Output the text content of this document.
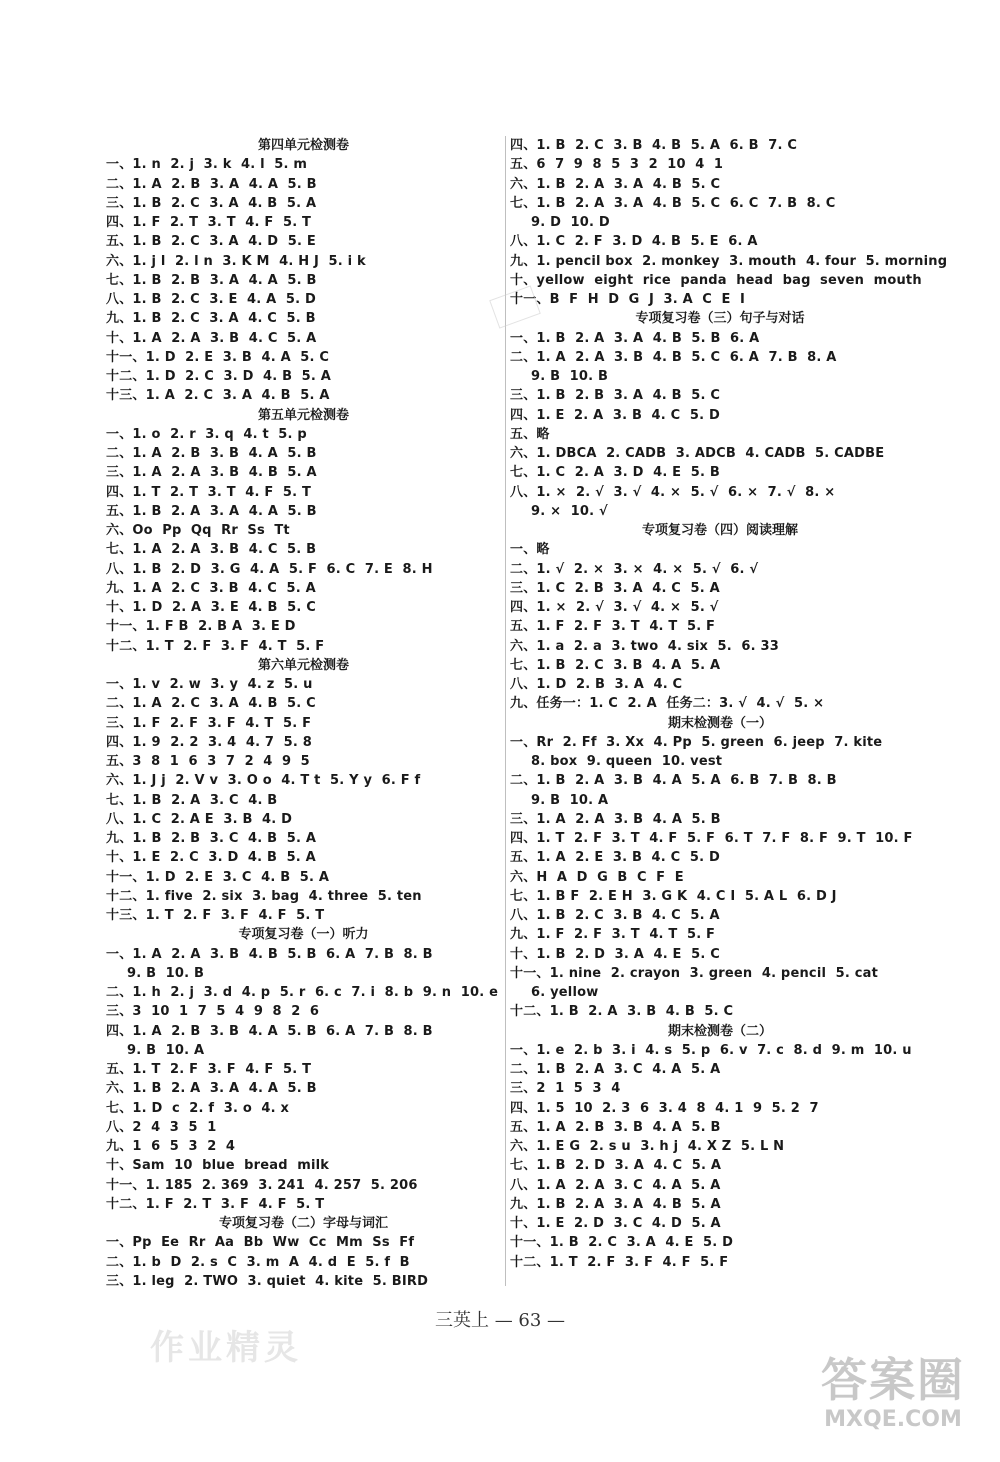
第四单元检测卷
一、1. n  2. j  3. k  4. l  5. m
二、1. A  2. B  3. A  4. A  5. B
三、1. B  2. C  3. A  4. B  5. A
四、1. F  2. T  3. T  4. F  5. T
五、1. B  2. C  3. A  4. D  5. E
六、1. j l  2. l n  3. K M  4. H J  5. i k
七、1. B  2. B  3. A  4. A  5. B
八、1. B  2. C  3. E  4. A  5. D
九、1. B  2. C  3. A  4. C  5. B
十、1. A  2. A  3. B  4. C  5. A
十一、1. D  2. E  3. B  4. A  5. C
十二、1. D  2. C  3. D  4. B  5. A
十三、1. A  2. C  3. A  4. B  5. A
第五单元检测卷
一、1. o  2. r  3. q  4. t  5. p
二、1. A  2. B  3. B  4. A  5. B
三、1. A  2. A  3. B  4. B  5. A
四、1. T  2. T  3. T  4. F  5. T
五、1. B  2. A  3. A  4. A  5. B
六、Oo  Pp  Qq  Rr  Ss  Tt
七、1. A  2. A  3. B  4. C  5. B
八、1. B  2. D  3. G  4. A  5. F  6. C  7. E  8. H
九、1. A  2. C  3. B  4. C  5. A
十、1. D  2. A  3. E  4. B  5. C
十一、1. F B  2. B A  3. E D
十二、1. T  2. F  3. F  4. T  5. F
第六单元检测卷
一、1. v  2. w  3. y  4. z  5. u
二、1. A  2. C  3. A  4. B  5. C
三、1. F  2. F  3. F  4. T  5. F
四、1. 9  2. 2  3. 4  4. 7  5. 8
五、3  8  1  6  3  7  2  4  9  5
六、1. J j  2. V v  3. O o  4. T t  5. Y y  6. F f
七、1. B  2. A  3. C  4. B
八、1. C  2. A E  3. B  4. D
九、1. B  2. B  3. C  4. B  5. A
十、1. E  2. C  3. D  4. B  5. A
十一、1. D  2. E  3. C  4. B  5. A
十二、1. five  2. six  3. bag  4. three  5. ten
十三、1. T  2. F  3. F  4. F  5. T
专项复习卷（一）听力
一、1. A  2. A  3. B  4. B  5. B  6. A  7. B  8. B
9. B  10. B
二、1. h  2. j  3. d  4. p  5. r  6. c  7. i  8. b  9. n  10. e
三、3  10  1  7  5  4  9  8  2  6
四、1. A  2. B  3. B  4. A  5. B  6. A  7. B  8. B
9. B  10. A
五、1. T  2. F  3. F  4. F  5. T
六、1. B  2. A  3. A  4. A  5. B
七、1. D  c  2. f  3. o  4. x
八、2  4  3  5  1
九、1  6  5  3  2  4
十、Sam  10  blue  bread  milk
十一、1. 185  2. 369  3. 241  4. 257  5. 206
十二、1. F  2. T  3. F  4. F  5. T
专项复习卷（二）字母与词汇
一、Pp  Ee  Rr  Aa  Bb  Ww  Cc  Mm  Ss  Ff
二、1. b  D  2. s  C  3. m  A  4. d  E  5. f  B
三、1. leg  2. TWO  3. quiet  4. kite  5. BIRD
四、1. B  2. C  3. B  4. B  5. A  6. B  7. C
五、6  7  9  8  5  3  2  10  4  1
六、1. B  2. A  3. A  4. B  5. C
七、1. B  2. A  3. A  4. B  5. C  6. C  7. B  8. C
9. D  10. D
八、1. C  2. F  3. D  4. B  5. E  6. A
九、1. pencil box  2. monkey  3. mouth  4. four  5. morning
十、yellow  eight  rice  panda  head  bag  seven  mouth
十一、B  F  H  D  G  J  3. A  C  E  I
专项复习卷（三）句子与对话
一、1. B  2. A  3. A  4. B  5. B  6. A
二、1. A  2. A  3. B  4. B  5. C  6. A  7. B  8. A
9. B  10. B
三、1. B  2. B  3. A  4. B  5. C
四、1. E  2. A  3. B  4. C  5. D
五、略
六、1. DBCA  2. CADB  3. ADCB  4. CADB  5. CADBE
七、1. C  2. A  3. D  4. E  5. B
八、1. ×  2. √  3. √  4. ×  5. √  6. ×  7. √  8. ×
9. ×  10. √
专项复习卷（四）阅读理解
一、略
二、1. √  2. ×  3. ×  4. ×  5. √  6. √
三、1. C  2. B  3. A  4. C  5. A
四、1. ×  2. √  3. √  4. ×  5. √
五、1. F  2. F  3. T  4. T  5. F
六、1. a  2. a  3. two  4. six  5.  6. 33
七、1. B  2. C  3. B  4. A  5. A
八、1. D  2. B  3. A  4. C
九、任务一：1. C  2. A  任务二：3. √  4. √  5. ×
期末检测卷（一）
一、Rr  2. Ff  3. Xx  4. Pp  5. green  6. jeep  7. kite
8. box  9. queen  10. vest
二、1. B  2. A  3. B  4. A  5. A  6. B  7. B  8. B
9. B  10. A
三、1. A  2. A  3. B  4. A  5. B
四、1. T  2. F  3. T  4. F  5. F  6. T  7. F  8. F  9. T  10. F
五、1. A  2. E  3. B  4. C  5. D
六、H  A  D  G  B  C  F  E
七、1. B F  2. E H  3. G K  4. C I  5. A L  6. D J
八、1. B  2. C  3. B  4. C  5. A
九、1. F  2. F  3. T  4. T  5. F
十、1. B  2. D  3. A  4. E  5. C
十一、1. nine  2. crayon  3. green  4. pencil  5. cat
6. yellow
十二、1. B  2. A  3. B  4. B  5. C
期末检测卷（二）
一、1. e  2. b  3. i  4. s  5. p  6. v  7. c  8. d  9. m  10. u
二、1. B  2. A  3. C  4. A  5. A
三、2  1  5  3  4
四、1. 5  10  2. 3  6  3. 4  8  4. 1  9  5. 2  7
五、1. A  2. B  3. B  4. A  5. B
六、1. E G  2. s u  3. h j  4. X Z  5. L N
七、1. B  2. D  3. A  4. C  5. A
八、1. A  2. A  3. C  4. A  5. A
九、1. B  2. A  3. A  4. B  5. A
十、1. E  2. D  3. C  4. D  5. A
十一、1. B  2. C  3. A  4. E  5. D
十二、1. T  2. F  3. F  4. F  5. F
三英上 — 63 —
作业精灵
答案圈
MXQE.COM
